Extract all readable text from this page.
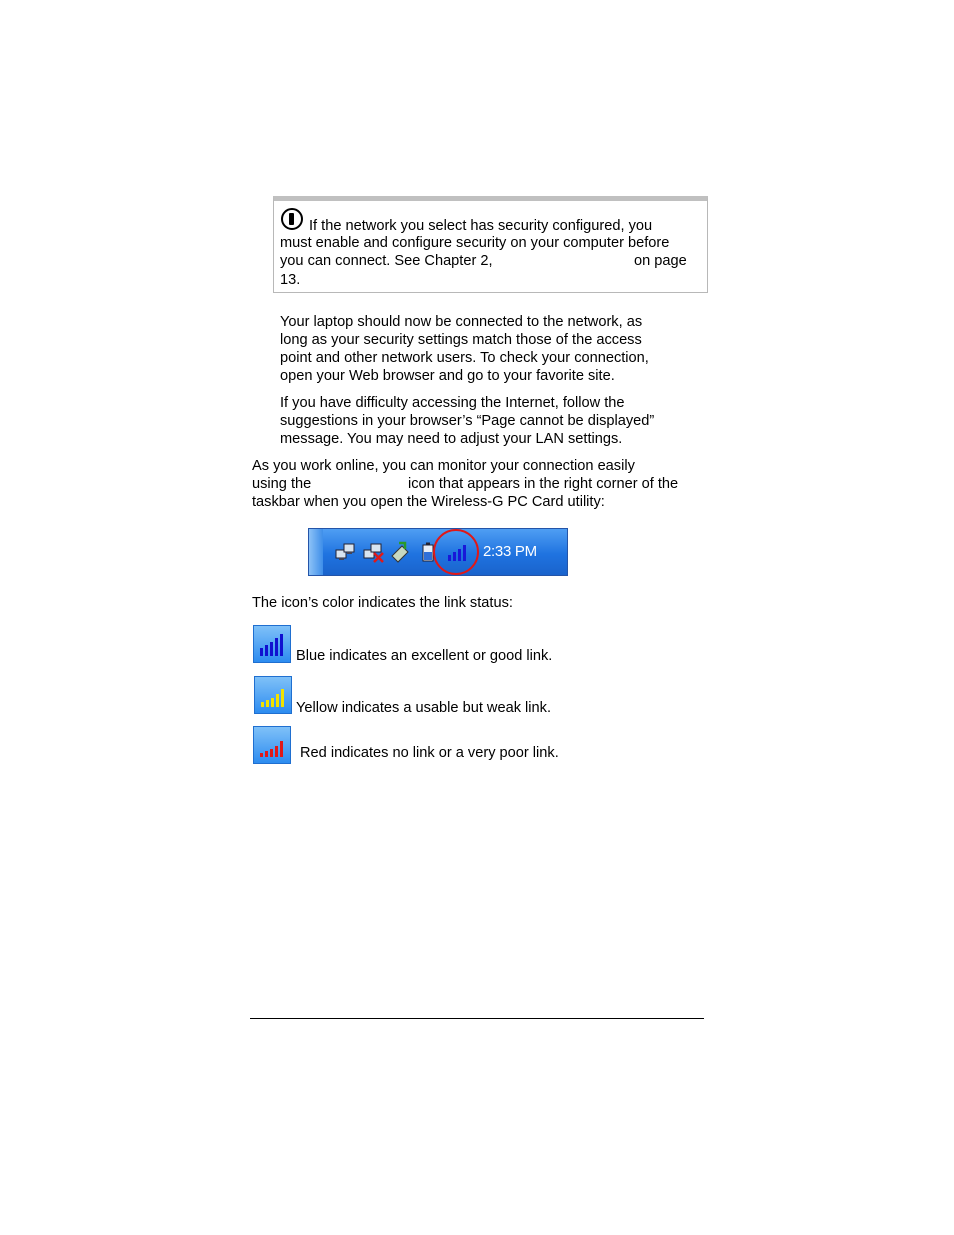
If the network you select has security configured, you
must enable and configure security on your computer before
you can connect. See Chapter 2,	on page
13.
Your laptop should now be connected to the network, as
long as your security settings match those of the access
point and other network users. To check your connection,
open your Web browser and go to your favorite site.
If you have difficulty accessing the Internet, follow the
suggestions in your browser’s “Page cannot be displayed”
message. You may need to adjust your LAN settings.
As you work online, you can monitor your connection easily
using the	icon that appears in the right corner of the
taskbar when you open the Wireless-G PC Card utility:
2:33 PM
The icon’s color indicates the link status:
Blue indicates an excellent or good link.
Yellow indicates a usable but weak link.
Red indicates no link or a very poor link.
